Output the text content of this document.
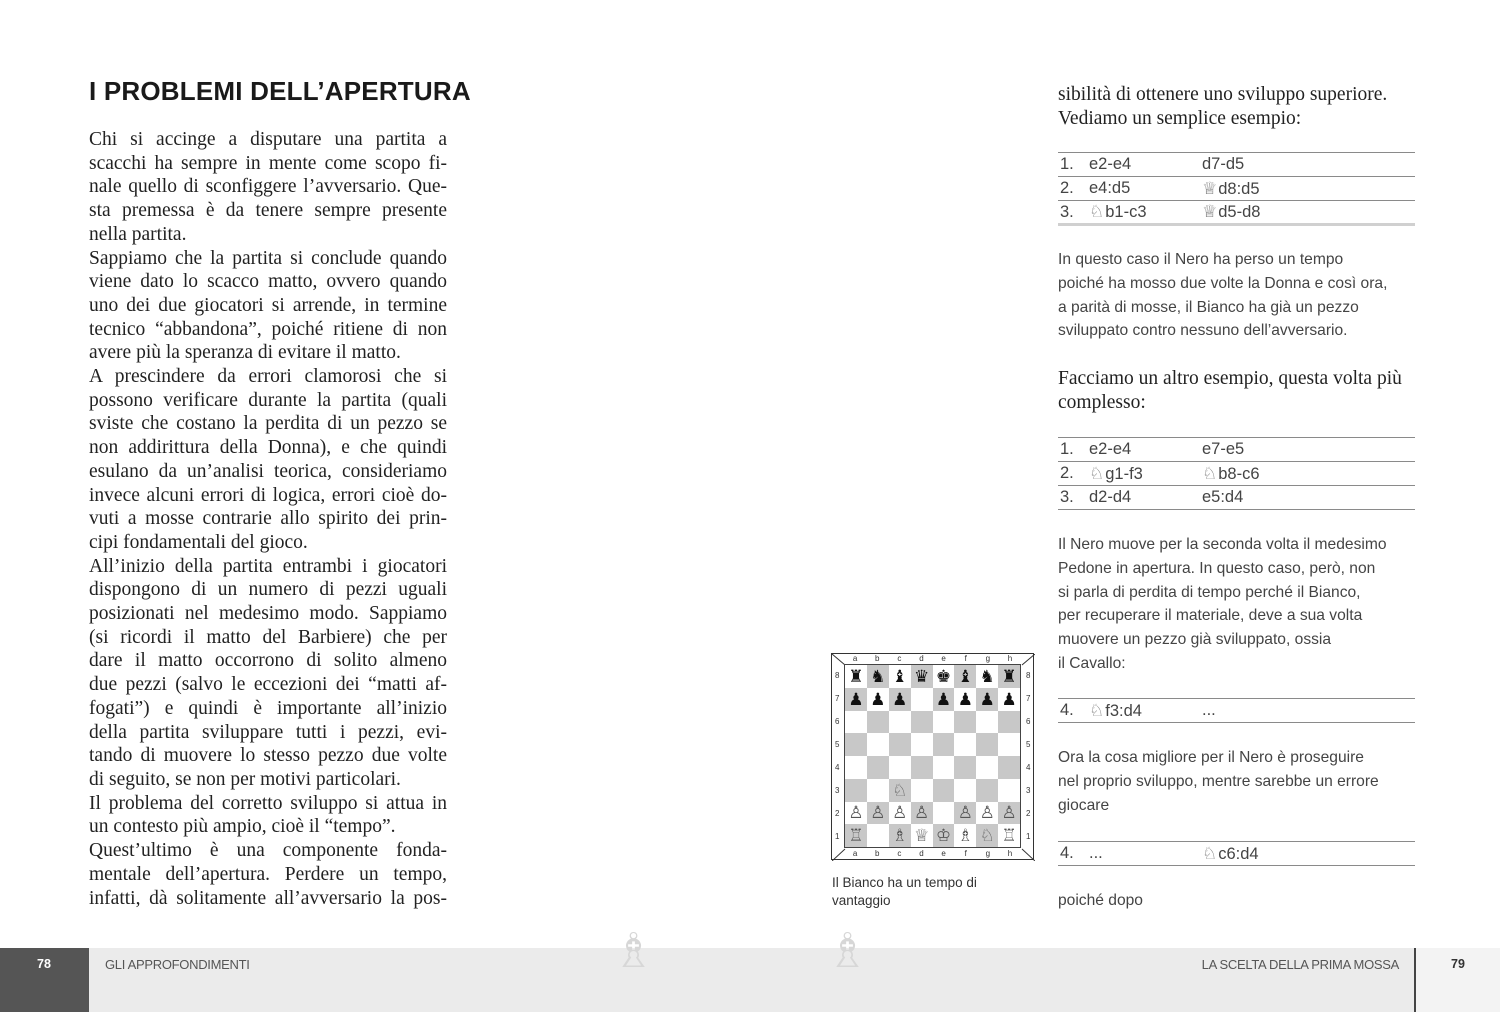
I PROBLEMI DELL’APERTURA
Chi si accinge a disputare una partita a
scacchi ha sempre in mente come scopo fi-
nale quello di sconfiggere l’avversario. Que-
sta premessa è da tenere sempre presente
nella partita.
Sappiamo che la partita si conclude quando
viene dato lo scacco matto, ovvero quando
uno dei due giocatori si arrende, in termine
tecnico “abbandona”, poiché ritiene di non
avere più la speranza di evitare il matto.
A prescindere da errori clamorosi che si
possono verificare durante la partita (quali
sviste che costano la perdita di un pezzo se
non addirittura della Donna), e che quindi
esulano da un’analisi teorica, consideriamo
invece alcuni errori di logica, errori cioè do-
vuti a mosse contrarie allo spirito dei prin-
cipi fondamentali del gioco.
All’inizio della partita entrambi i giocatori
dispongono di un numero di pezzi uguali
posizionati nel medesimo modo. Sappiamo
(si ricordi il matto del Barbiere) che per
dare il matto occorrono di solito almeno
due pezzi (salvo le eccezioni dei “matti af-
fogati”) e quindi è importante all’inizio
della partita sviluppare tutti i pezzi, evi-
tando di muovere lo stesso pezzo due volte
di seguito, se non per motivi particolari.
Il problema del corretto sviluppo si attua in
un contesto più ampio, cioè il “tempo”.
Quest’ultimo è una componente fonda-
mentale dell’apertura. Perdere un tempo,
infatti, dà solitamente all’avversario la pos-
a	b	c	d	e	f	g	h
a	b	c	d	e	f	g	h
8
7
6
5
4
3
2
1
8
7
6
5
4
3
2
1
♜ ♞ ♝ ♛ ♚ ♝ ♞ ♜
♟ ♟ ♟ ♟ ♟ ♟ ♟
♘
♙ ♙ ♙ ♙ ♙ ♙ ♙
♖ ♗ ♕ ♔ ♗ ♘ ♖
Il Bianco ha un tempo di vantaggio
sibilità di ottenere uno sviluppo superiore. Vediamo un semplice esempio:
1.	e2-e4	d7-d5
2.	e4:d5	♕d8:d5
3.	♘b1-c3	♕d5-d8
In questo caso il Nero ha perso un tempo
poiché ha mosso due volte la Donna e così ora,
a parità di mosse, il Bianco ha già un pezzo
sviluppato contro nessuno dell’avversario.
Facciamo un altro esempio, questa volta più
complesso:
1.	e2-e4	e7-e5
2.	♘g1-f3	♘b8-c6
3.	d2-d4	e5:d4
Il Nero muove per la seconda volta il medesimo
Pedone in apertura. In questo caso, però, non
si parla di perdita di tempo perché il Bianco,
per recuperare il materiale, deve a sua volta
muovere un pezzo già sviluppato, ossia
il Cavallo:
4.	♘f3:d4	...
Ora la cosa migliore per il Nero è proseguire
nel proprio sviluppo, mentre sarebbe un errore
giocare
4.	...	♘c6:d4
poiché dopo
78	GLI APPROFONDIMENTI	LA SCELTA DELLA PRIMA MOSSA	79
♗	♗
